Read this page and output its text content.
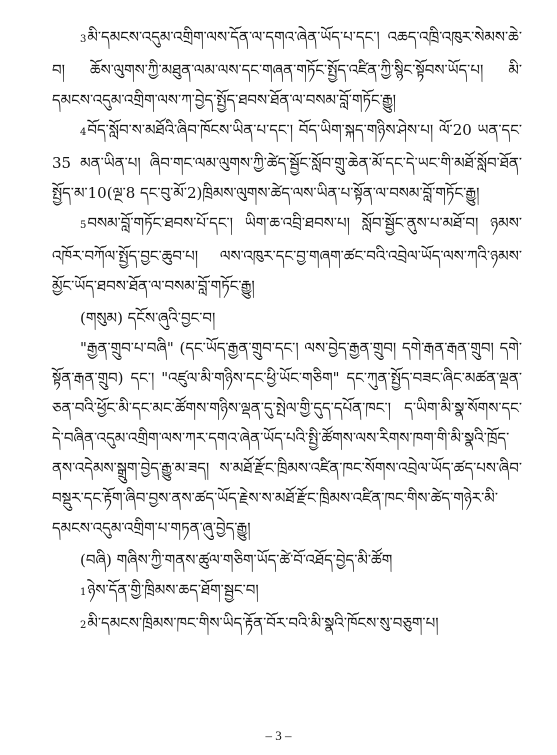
3མི་དམངས་འདུམ་འགྲིག་ལས་དོན་ལ་དགའ་ཞེན་ཡོད་པ་དང་། འཆད་འཁྲི་འཁུར་སེམས་ཆེ་བ། ཆོས་ལུགས་ཀྱི་མཐུན་ལམ་ལས་དང་གཞན་གཏོང་སྤྱོད་འཛིན་ཀྱི་སྙིང་སྟོབས་ཡོད་པ། མི་དམངས་འདུམ་འགྲིག་ལས་ཀ་བྱེད་སྤྱོད་ཐབས་ཐོན་ལ་བསམ་བློ་གཏོང་རྒྱུ།

4བོད་སློབ་ས་མཐོའི་ཞིབ་ཁོངས་ཡིན་པ་དང་། བོད་ཡིག་སྐད་གཉིས་ཤེས་པ། ལོ་20 ཡན་དང་35 མན་ཡིན་པ། ཞིབ་གང་ལམ་ལུགས་ཀྱི་ཚེད་སྦྱོང་སློབ་གྲུ་ཆེན་མོ་དང་དེ་ཡང་གི་མཐོ་སློབ་ཐོན་སྤྱོད་མ་10(ལྔ་8 དང་བུ་མོ་2)ཁྲིམས་ལུགས་ཚེད་ལས་ཡིན་པ་སྟོན་ལ་བསམ་བློ་གཏོང་རྒྱུ།

5བསམ་བློ་གཏོང་ཐབས་པོ་དང་། ཡིག་ཆ་འབྲི་ཐབས་པ། སློབ་སྦྱོང་ནུས་པ་མཐོ་བ། ཉམས་འཁོར་བཀོལ་སྤྱོད་བྱང་ཆུབ་པ། ལས་འཁུར་དང་བྱ་གཞག་ཚང་བའི་འབྲེལ་ཡོད་ལས་ཀའི་ཉམས་མྱོང་ཡོད་ཐབས་ཐོན་ལ་བསམ་བློ་གཏོང་རྒྱུ།

(གསུམ) དངོས་ཞུའི་བྱང་བ།

"རྒྱན་གྲུབ་པ་བཞི" (དང་ཡོད་རྒྱན་གྲུབ་དང་། ལས་བྱེད་རྒྱན་གྲུབ། དགེ་རྒན་རྒན་གྲུབ། དགེ་སྟོན་རྒན་གྲུབ) དང་། "འཛུལ་མི་གཉིས་དང་ཕྱི་ཡོང་གཅིག" དང་ཀུན་སྤྱོད་བཟང་ཞིང་མཚན་ལྡན་ཅན་བའི་ཕྱོང་མི་དང་མང་ཚོགས་གཉིས་ལྡན་དུ་སྤེལ་གྱི་དུད་དཔོན་ཁང་། ད་ཡིག་མི་སྣ་སོགས་དང་དེ་བཞིན་འདུམ་འགྲིག་ལས་ཀར་དགའ་ཞེན་ཡོད་པའི་སྤྱི་ཚོགས་ལས་རིགས་ཁག་གི་མི་སྣའི་ཁྲོད་ནས་འདེམས་སྒྲུག་བྱེད་རྒྱུ་མ་ཟད། ས་མཐོ་རྫོང་ཁྲིམས་འཛིན་ཁང་སོགས་འབྲེལ་ཡོད་ཚད་པས་ཞིབ་བསྡུར་དང་རྟོག་ཞིབ་བྱས་ནས་ཚད་ཡོད་རྗེས་ས་མཐོ་རྫོང་ཁྲིམས་འཛིན་ཁང་གིས་ཚེད་གཉེར་མི་དམངས་འདུམ་འགྲིག་པ་གཏན་ཞུ་བྱེད་རྒྱུ།

(བཞི) གཞིས་ཀྱི་གནས་ཚུལ་གཅིག་ཡོད་ཚེ་བོ་འཐོད་བྱེད་མི་ཚོག

1ཉེས་དོན་གྱི་ཁྲིམས་ཆད་ཐོག་སྦྱང་བ།

2མི་དམངས་ཁྲིམས་ཁང་གིས་ཡིད་རྟོན་བོར་བའི་མི་སྣའི་ཁོངས་སུ་བཅུག་པ།

– 3 –
